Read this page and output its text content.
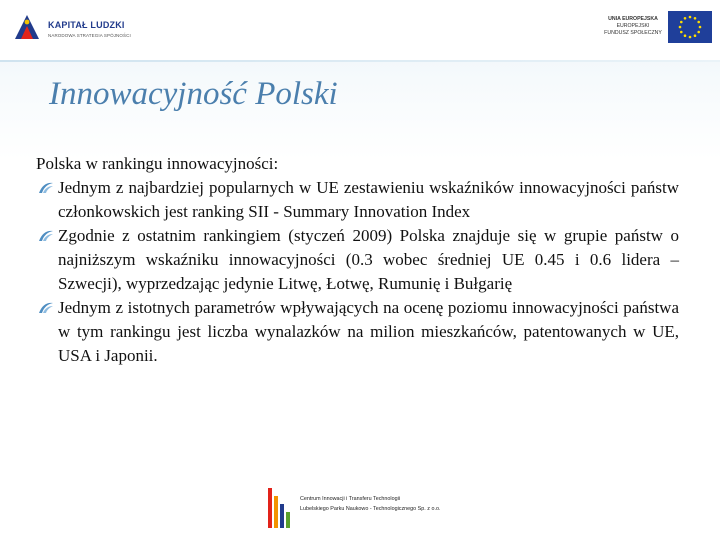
KAPITAŁ LUDZKI
NARODOWA STRATEGIA SPÓJNOŚCI
UNIA EUROPEJSKA
EUROPEJSKI
FUNDUSZ SPOŁECZNY
Innowacyjność Polski
Polska w rankingu innowacyjności:
Jednym z najbardziej popularnych w UE zestawieniu wskaźników innowacyjności państw członkowskich jest ranking SII - Summary Innovation Index
Zgodnie z ostatnim rankingiem (styczeń 2009) Polska znajduje się w grupie państw o najniższym wskaźniku innowacyjności (0.3 wobec średniej UE 0.45 i 0.6 lidera – Szwecji), wyprzedzając jedynie Litwę, Łotwę, Rumunię i Bułgarię
Jednym z istotnych parametrów wpływających na ocenę poziomu innowacyjności państwa w tym rankingu jest liczba wynalazków na milion mieszkańców, patentowanych w UE, USA i Japonii.
Centrum Innowacji i Transferu Technologii
Lubelskiego Parku Naukowo - Technologicznego Sp. z o.o.
